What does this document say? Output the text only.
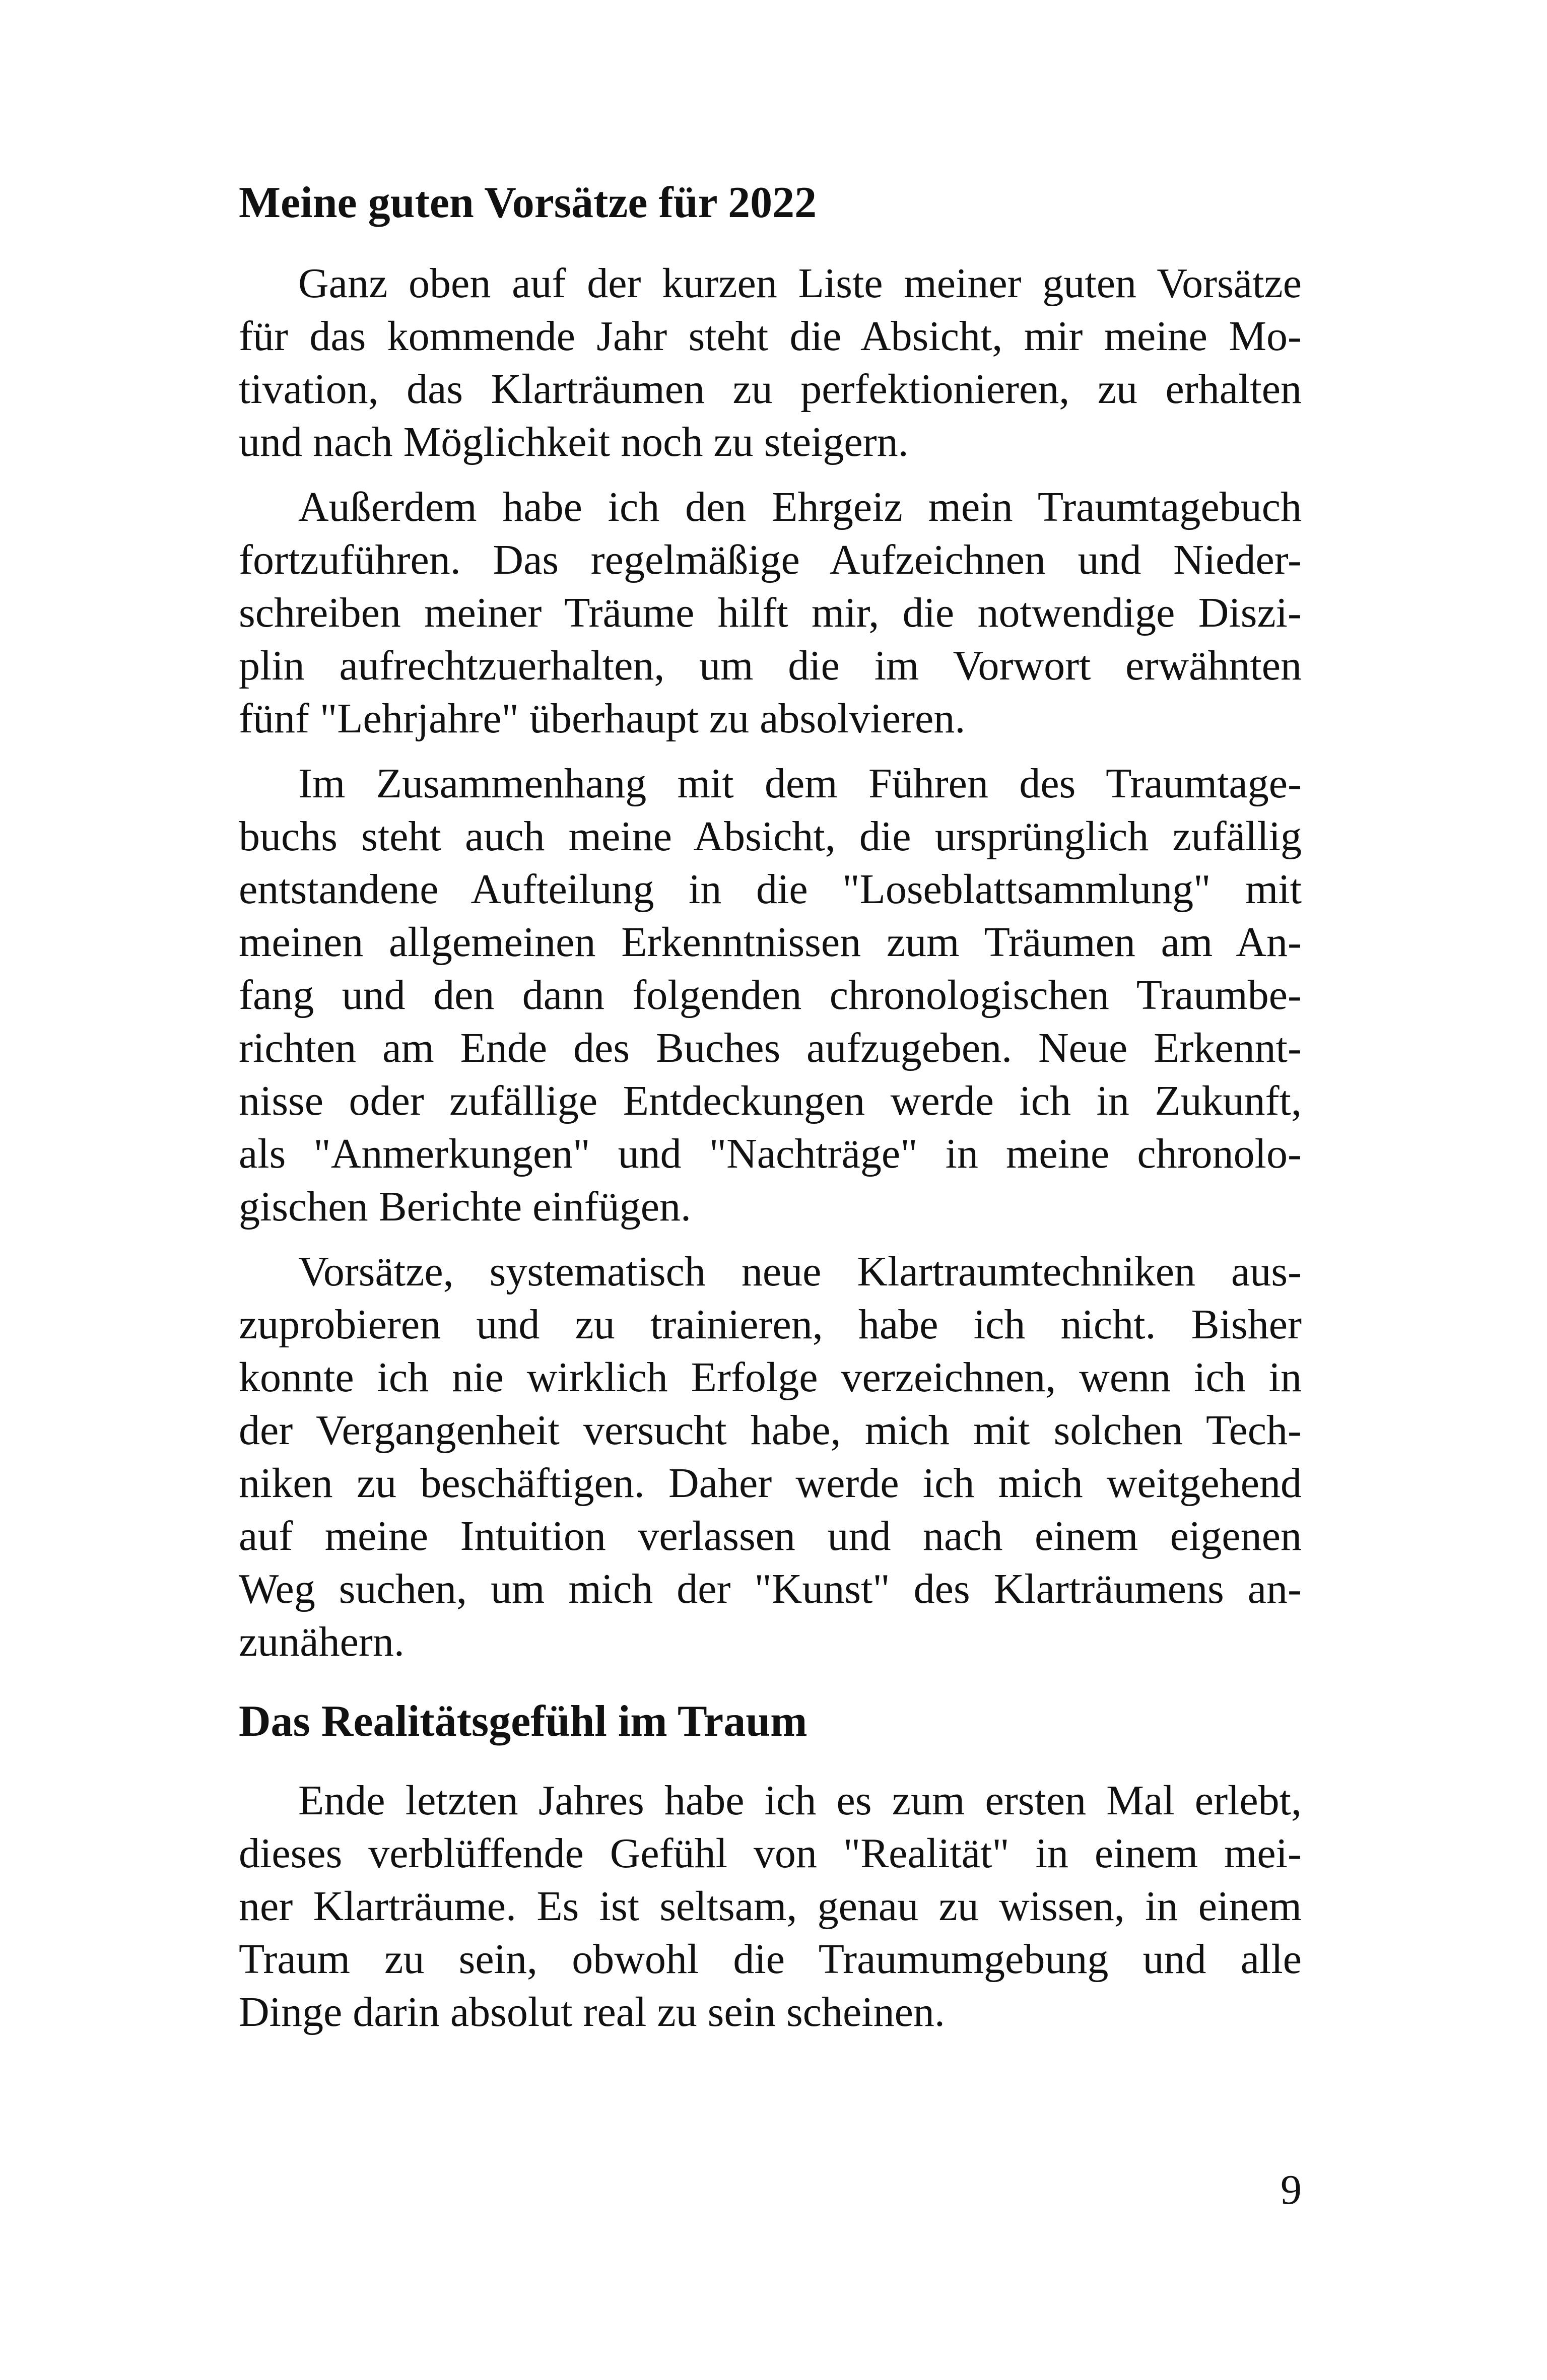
Meine guten Vorsätze für 2022

Ganz oben auf der kurzen Liste meiner guten Vorsätze
für das kommende Jahr steht die Absicht, mir meine Mo-
tivation, das Klarträumen zu perfektionieren, zu erhalten
und nach Möglichkeit noch zu steigern.

Außerdem habe ich den Ehrgeiz mein Traumtagebuch
fortzuführen. Das regelmäßige Aufzeichnen und Nieder-
schreiben meiner Träume hilft mir, die notwendige Diszi-
plin aufrechtzuerhalten, um die im Vorwort erwähnten
fünf "Lehrjahre" überhaupt zu absolvieren.

Im Zusammenhang mit dem Führen des Traumtage-
buchs steht auch meine Absicht, die ursprünglich zufällig
entstandene Aufteilung in die "Loseblattsammlung" mit
meinen allgemeinen Erkenntnissen zum Träumen am An-
fang und den dann folgenden chronologischen Traumbe-
richten am Ende des Buches aufzugeben. Neue Erkennt-
nisse oder zufällige Entdeckungen werde ich in Zukunft,
als "Anmerkungen" und "Nachträge" in meine chronolo-
gischen Berichte einfügen.

Vorsätze, systematisch neue Klartraumtechniken aus-
zuprobieren und zu trainieren, habe ich nicht. Bisher
konnte ich nie wirklich Erfolge verzeichnen, wenn ich in
der Vergangenheit versucht habe, mich mit solchen Tech-
niken zu beschäftigen. Daher werde ich mich weitgehend
auf meine Intuition verlassen und nach einem eigenen
Weg suchen, um mich der "Kunst" des Klarträumens an-
zunähern.

Das Realitätsgefühl im Traum

Ende letzten Jahres habe ich es zum ersten Mal erlebt,
dieses verblüffende Gefühl von "Realität" in einem mei-
ner Klarträume. Es ist seltsam, genau zu wissen, in einem
Traum zu sein, obwohl die Traumumgebung und alle
Dinge darin absolut real zu sein scheinen.

9
